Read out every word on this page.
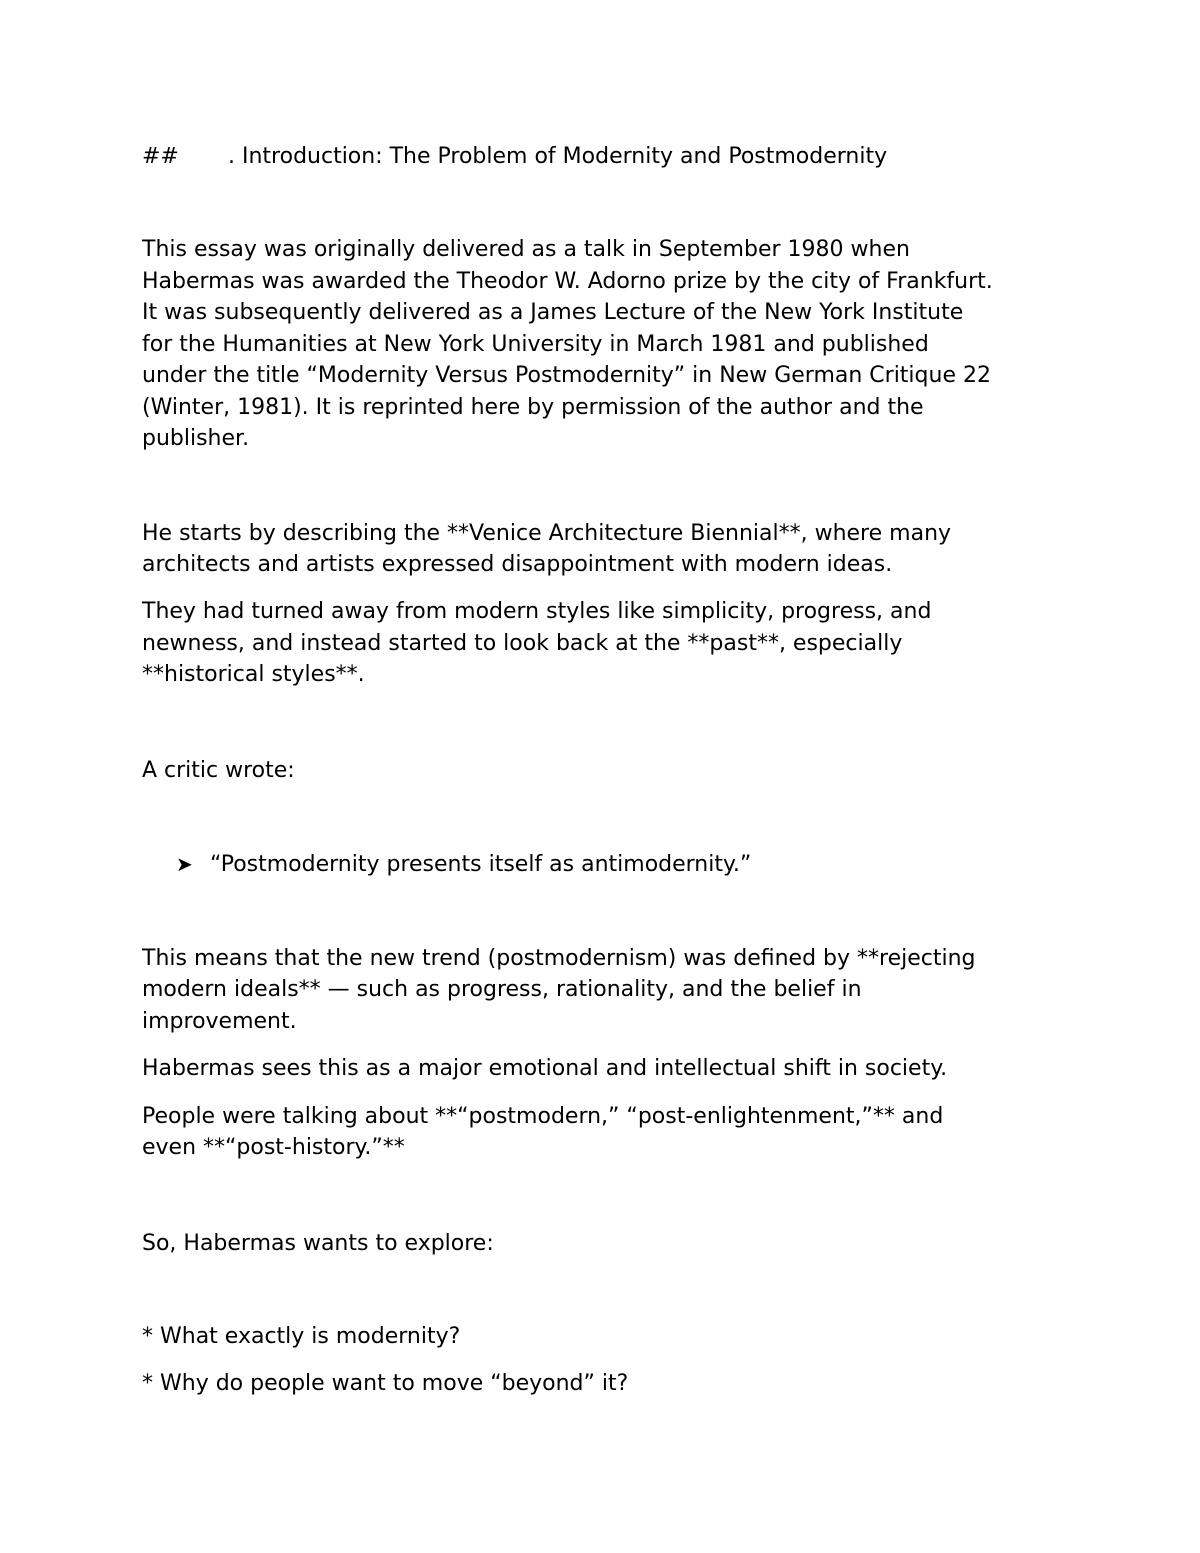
## . Introduction: The Problem of Modernity and Postmodernity
This essay was originally delivered as a talk in September 1980 when
Habermas was awarded the Theodor W. Adorno prize by the city of Frankfurt.
It was subsequently delivered as a James Lecture of the New York Institute
for the Humanities at New York University in March 1981 and published
under the title “Modernity Versus Postmodernity” in New German Critique 22
(Winter, 1981). It is reprinted here by permission of the author and the
publisher.
He starts by describing the **Venice Architecture Biennial**, where many
architects and artists expressed disappointment with modern ideas.
They had turned away from modern styles like simplicity, progress, and
newness, and instead started to look back at the **past**, especially
**historical styles**.
A critic wrote:
➤ “Postmodernity presents itself as antimodernity.”
This means that the new trend (postmodernism) was defined by **rejecting
modern ideals** — such as progress, rationality, and the belief in
improvement.
Habermas sees this as a major emotional and intellectual shift in society.
People were talking about **“postmodern,” “post-enlightenment,”** and
even **“post-history.”**
So, Habermas wants to explore:
* What exactly is modernity?
* Why do people want to move “beyond” it?
